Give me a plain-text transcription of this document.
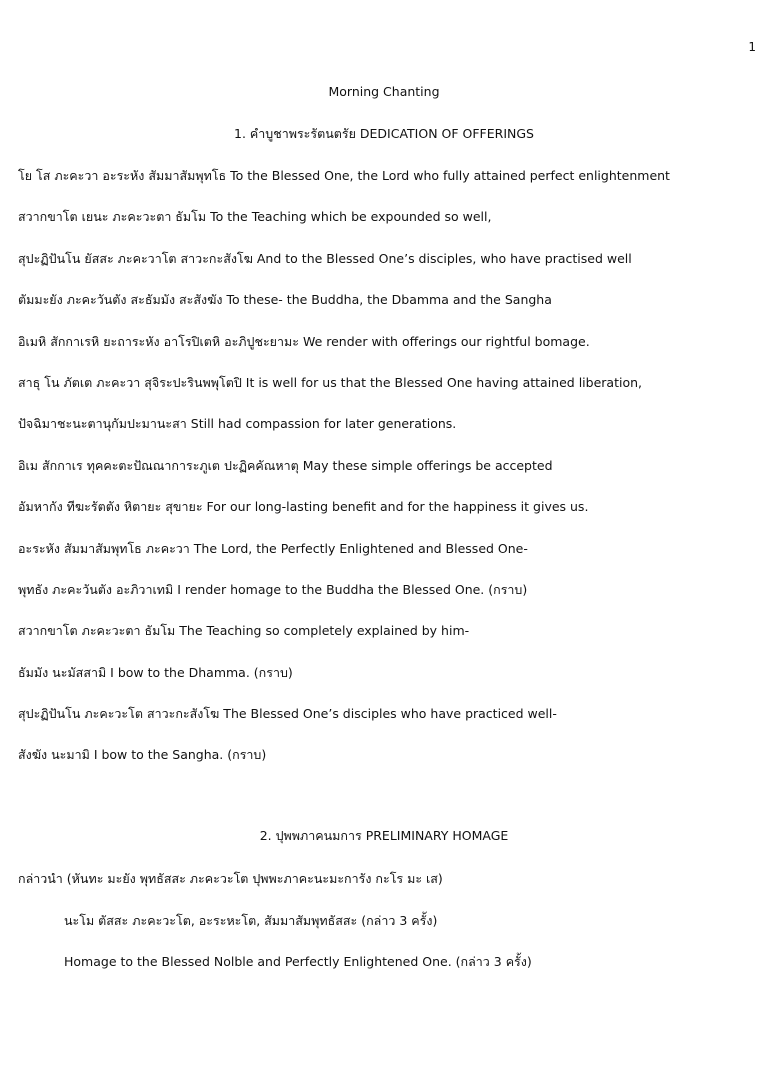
1
Morning Chanting
1. คำบูชาพระรัตนตรัย DEDICATION OF OFFERINGS
โย โส ภะคะวา อะระหัง สัมมาสัมพุทโธ To the Blessed One, the Lord who fully attained perfect enlightenment
สวากขาโต เยนะ ภะคะวะตา ธัมโม To the Teaching which be expounded so well,
สุปะฏิปันโน ยัสสะ ภะคะวาโต สาวะกะสังโฆ And to the Blessed One’s disciples, who have practised well
ตัมมะยัง ภะคะวันตัง สะธัมมัง สะสังฆัง To these- the Buddha, the Dbamma and the Sangha
อิเมหิ สักกาเรหิ ยะถาระหัง อาโรปิเตหิ อะภิปูชะยามะ We render with offerings our rightful bomage.
สาธุ โน ภัตเต ภะคะวา สุจิระปะรินพพุโตปิ It is well for us that the Blessed One having attained liberation,
ปัจฉิมาชะนะตานุกัมปะมานะสา Still had compassion for later generations.
อิเม สักกาเร ทุคคะตะปัณณาการะภูเต ปะฏิคคัณหาตุ May these simple offerings be accepted
อัมหากัง ทีฆะรัตตัง หิตายะ สุขายะ For our long-lasting benefit and for the happiness it gives us.
อะระหัง สัมมาสัมพุทโธ ภะคะวา The Lord, the Perfectly Enlightened and Blessed One-
พุทธัง ภะคะวันตัง อะภิวาเทมิ I render homage to the Buddha the Blessed One. (กราบ)
สวากขาโต ภะคะวะตา ธัมโม The Teaching so completely explained by him-
ธัมมัง นะมัสสามิ I bow to the Dhamma. (กราบ)
สุปะฏิปันโน ภะคะวะโต สาวะกะสังโฆ The Blessed One’s disciples who have practiced well-
สังฆัง นะมามิ I bow to the Sangha. (กราบ)
2. ปุพพภาคนมการ PRELIMINARY HOMAGE
กล่าวนำ (หันทะ มะยัง พุทธัสสะ ภะคะวะโต ปุพพะภาคะนะมะการัง กะโร มะ เส)
นะโม ตัสสะ ภะคะวะโต, อะระหะโต, สัมมาสัมพุทธัสสะ (กล่าว 3 ครั้ง)
Homage to the Blessed Nolble and Perfectly Enlightened One. (กล่าว 3 ครั้ง)
